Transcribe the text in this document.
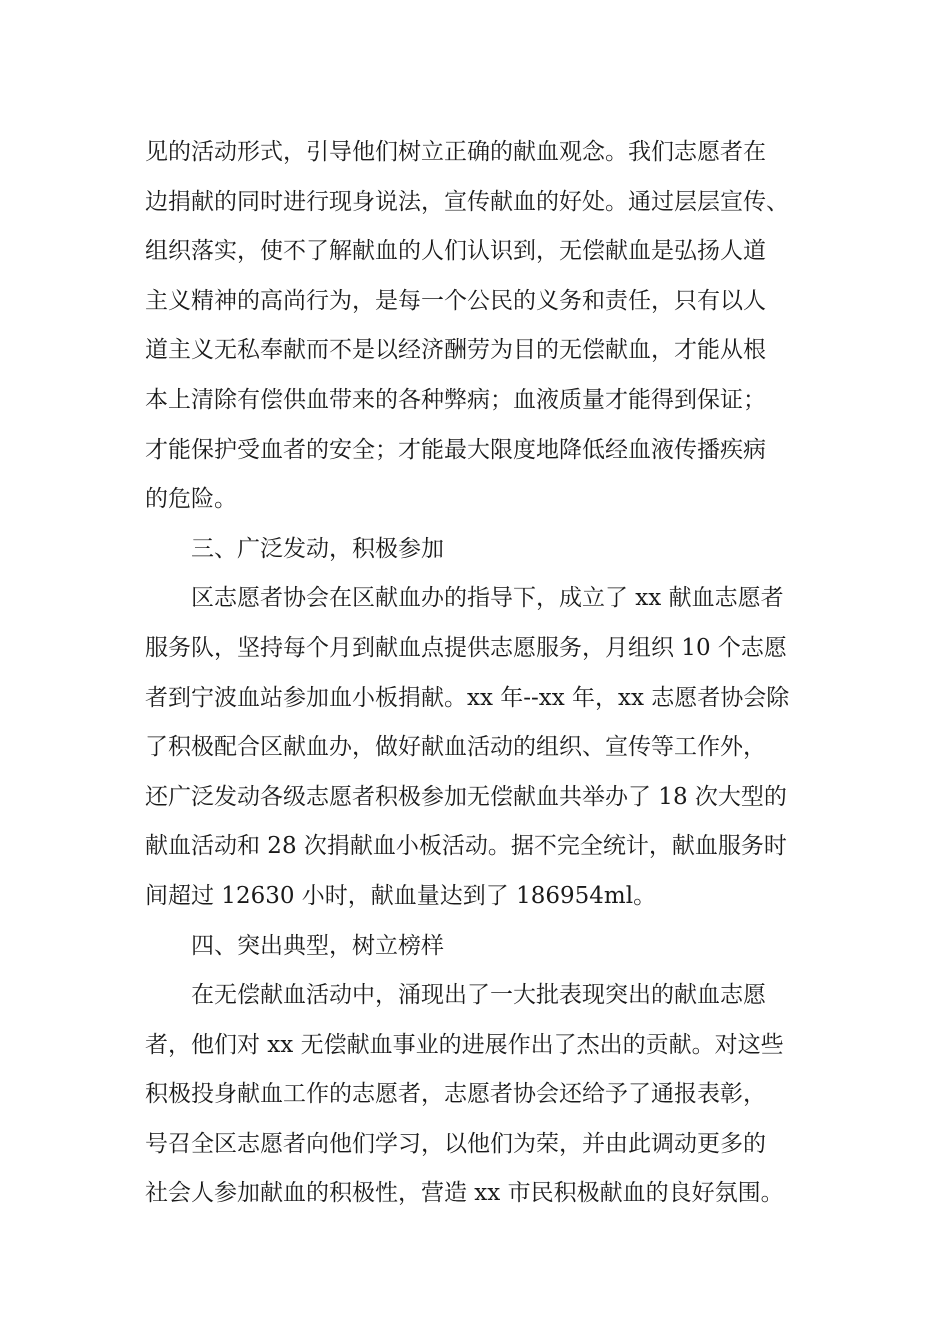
见的活动形式，引导他们树立正确的献血观念。我们志愿者在
边捐献的同时进行现身说法，宣传献血的好处。通过层层宣传、
组织落实，使不了解献血的人们认识到，无偿献血是弘扬人道
主义精神的高尚行为，是每一个公民的义务和责任，只有以人
道主义无私奉献而不是以经济酬劳为目的无偿献血，才能从根
本上清除有偿供血带来的各种弊病；血液质量才能得到保证；
才能保护受血者的安全；才能最大限度地降低经血液传播疾病
的危险。
三、广泛发动，积极参加
区志愿者协会在区献血办的指导下，成立了 xx 献血志愿者
服务队，坚持每个月到献血点提供志愿服务，月组织 10 个志愿
者到宁波血站参加血小板捐献。xx 年--xx 年，xx 志愿者协会除
了积极配合区献血办，做好献血活动的组织、宣传等工作外，
还广泛发动各级志愿者积极参加无偿献血共举办了 18 次大型的
献血活动和 28 次捐献血小板活动。据不完全统计，献血服务时
间超过 12630 小时，献血量达到了 186954ml。
四、突出典型，树立榜样
在无偿献血活动中，涌现出了一大批表现突出的献血志愿
者，他们对 xx 无偿献血事业的进展作出了杰出的贡献。对这些
积极投身献血工作的志愿者，志愿者协会还给予了通报表彰，
号召全区志愿者向他们学习，以他们为荣，并由此调动更多的
社会人参加献血的积极性，营造 xx 市民积极献血的良好氛围。
